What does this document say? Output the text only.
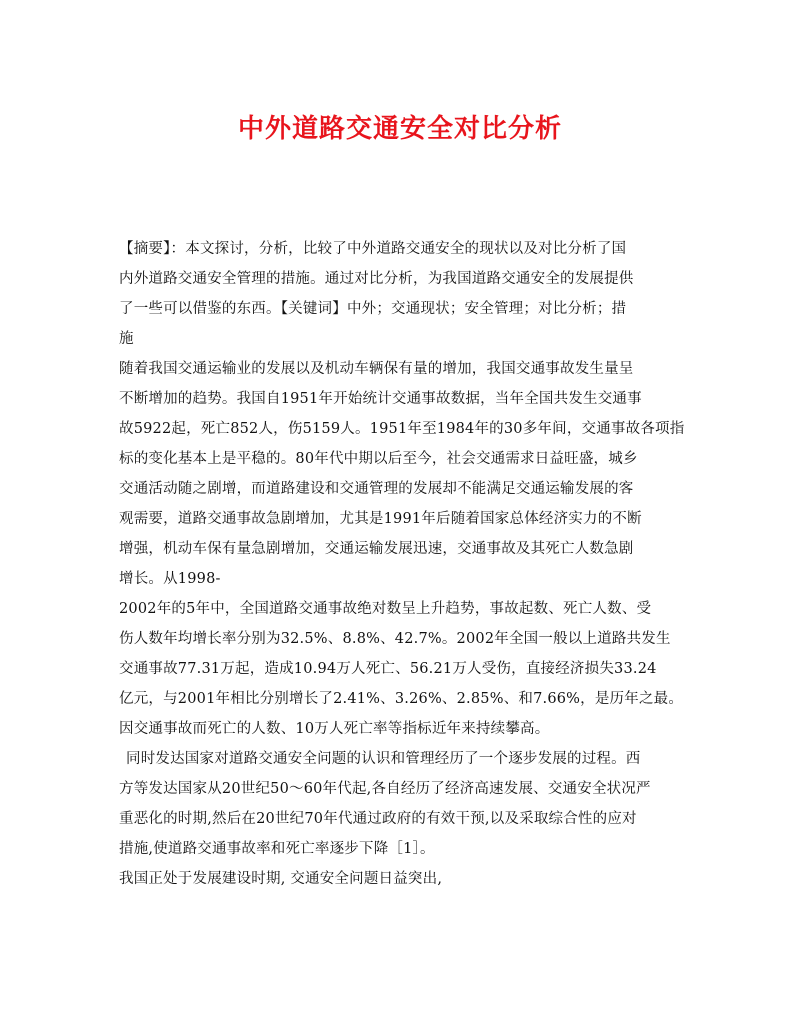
中外道路交通安全对比分析
【摘要】：本文探讨，分析，比较了中外道路交通安全的现状以及对比分析了国
内外道路交通安全管理的措施。通过对比分析，为我国道路交通安全的发展提供
了一些可以借鉴的东西。【关键词】中外；交通现状；安全管理；对比分析；措
施
随着我国交通运输业的发展以及机动车辆保有量的增加，我国交通事故发生量呈
不断增加的趋势。我国自1951年开始统计交通事故数据，当年全国共发生交通事
故5922起，死亡852人，伤5159人。1951年至1984年的30多年间，交通事故各项指
标的变化基本上是平稳的。80年代中期以后至今，社会交通需求日益旺盛，城乡
交通活动随之剧增，而道路建设和交通管理的发展却不能满足交通运输发展的客
观需要，道路交通事故急剧增加，尤其是1991年后随着国家总体经济实力的不断
增强，机动车保有量急剧增加，交通运输发展迅速，交通事故及其死亡人数急剧
增长。从1998-
2002年的5年中，全国道路交通事故绝对数呈上升趋势，事故起数、死亡人数、受
伤人数年均增长率分别为32.5%、8.8%、42.7%。2002年全国一般以上道路共发生
交通事故77.31万起，造成10.94万人死亡、56.21万人受伤，直接经济损失33.24
亿元，与2001年相比分别增长了2.41%、3.26%、2.85%、和7.66%，是历年之最。
因交通事故而死亡的人数、10万人死亡率等指标近年来持续攀高。
同时发达国家对道路交通安全问题的认识和管理经历了一个逐步发展的过程。西
方等发达国家从20世纪50～60年代起,各自经历了经济高速发展、交通安全状况严
重恶化的时期,然后在20世纪70年代通过政府的有效干预,以及采取综合性的应对
措施,使道路交通事故率和死亡率逐步下降［1］。
我国正处于发展建设时期, 交通安全问题日益突出,
